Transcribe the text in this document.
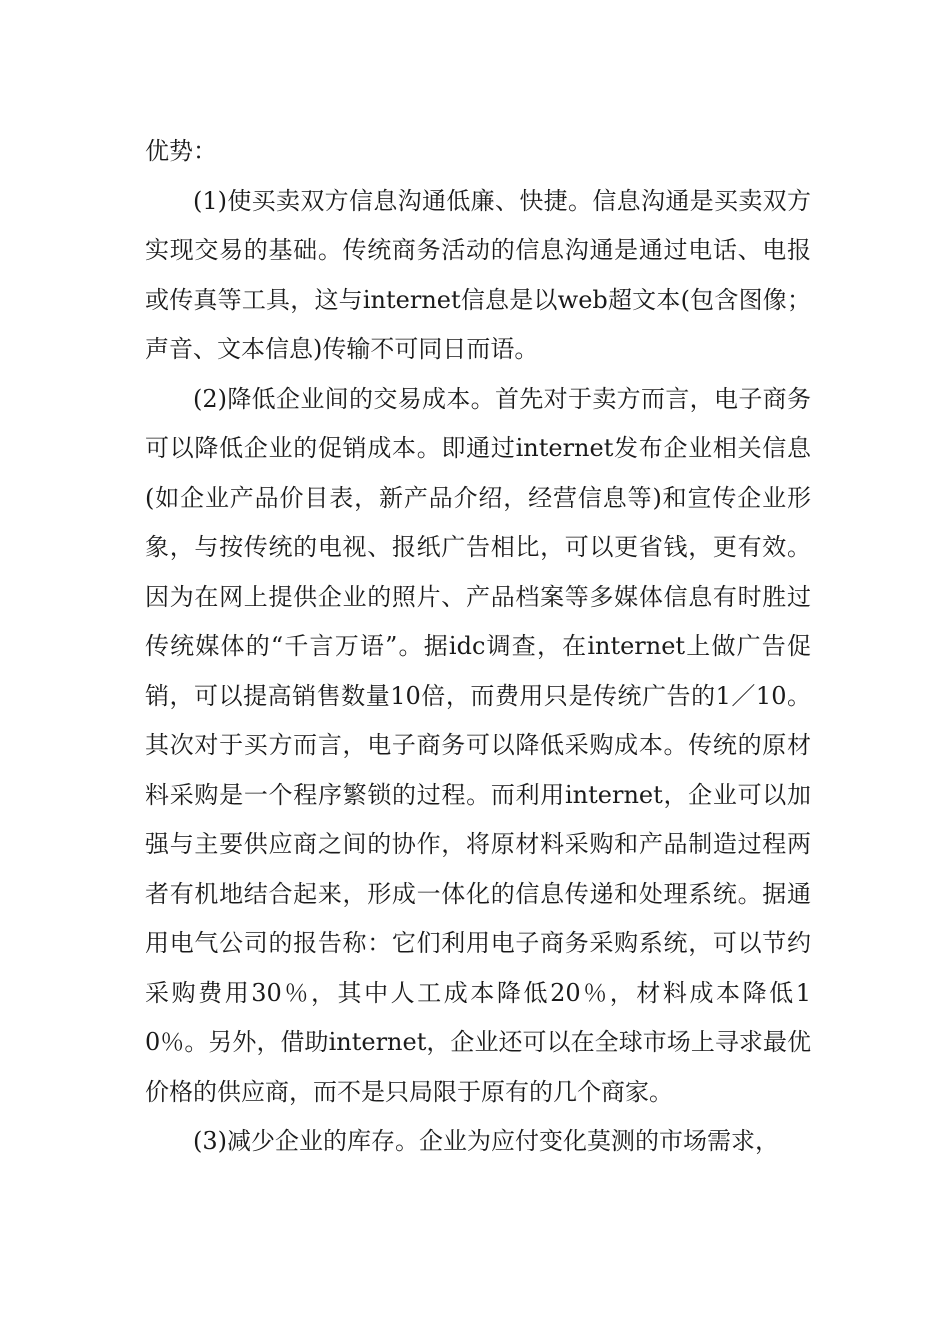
优势：

(1)使买卖双方信息沟通低廉、快捷。信息沟通是买卖双方实现交易的基础。传统商务活动的信息沟通是通过电话、电报或传真等工具，这与internet信息是以web超文本(包含图像；声音、文本信息)传输不可同日而语。

(2)降低企业间的交易成本。首先对于卖方而言，电子商务可以降低企业的促销成本。即通过internet发布企业相关信息(如企业产品价目表，新产品介绍，经营信息等)和宣传企业形象，与按传统的电视、报纸广告相比，可以更省钱，更有效。因为在网上提供企业的照片、产品档案等多媒体信息有时胜过传统媒体的“千言万语”。据idc调查，在internet上做广告促销，可以提高销售数量10倍，而费用只是传统广告的1／10。其次对于买方而言，电子商务可以降低采购成本。传统的原材料采购是一个程序繁锁的过程。而利用internet，企业可以加强与主要供应商之间的协作，将原材料采购和产品制造过程两者有机地结合起来，形成一体化的信息传递和处理系统。据通用电气公司的报告称：它们利用电子商务采购系统，可以节约采购费用30％，其中人工成本降低20％，材料成本降低10％。另外，借助internet，企业还可以在全球市场上寻求最优价格的供应商，而不是只局限于原有的几个商家。

(3)减少企业的库存。企业为应付变化莫测的市场需求，
